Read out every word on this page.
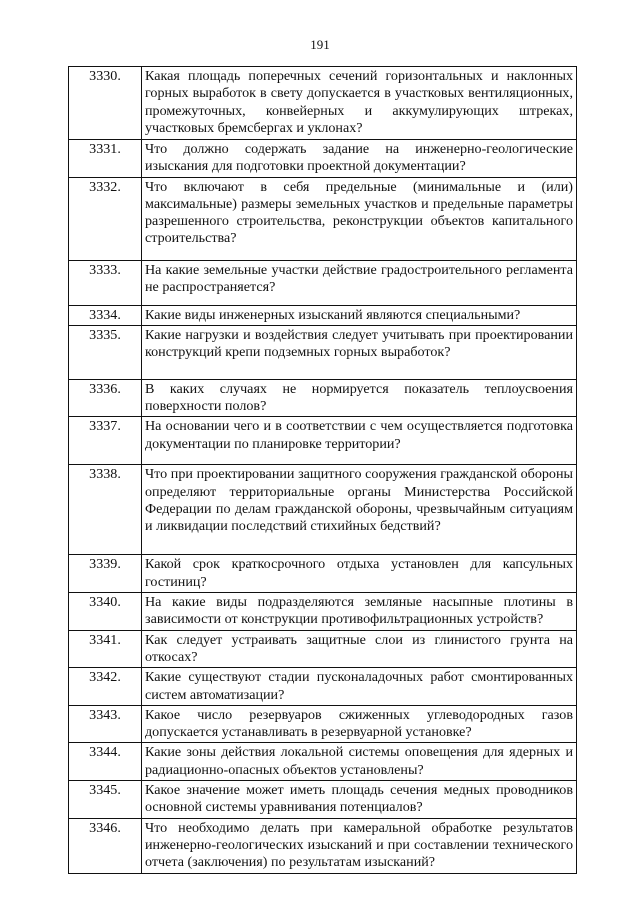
191
3330.	Какая площадь поперечных сечений горизонтальных и наклонных горных выработок в свету допускается в участковых вентиляционных, промежуточных, конвейерных и аккумулирующих штреках, участковых бремсбергах и уклонах?
3331.	Что должно содержать задание на инженерно-геологические изыскания для подготовки проектной документации?
3332.	Что включают в себя предельные (минимальные и (или) максимальные) размеры земельных участков и предельные параметры разрешенного строительства, реконструкции объектов капитального строительства?
3333.	На какие земельные участки действие градостроительного регламента не распространяется?
3334.	Какие виды инженерных изысканий являются специальными?
3335.	Какие нагрузки и воздействия следует учитывать при проектировании конструкций крепи подземных горных выработок?
3336.	В каких случаях не нормируется показатель теплоусвоения поверхности полов?
3337.	На основании чего и в соответствии с чем осуществляется подготовка документации по планировке территории?
3338.	Что при проектировании защитного сооружения гражданской обороны определяют территориальные органы Министерства Российской Федерации по делам гражданской обороны, чрезвычайным ситуациям и ликвидации последствий стихийных бедствий?
3339.	Какой срок краткосрочного отдыха установлен для капсульных гостиниц?
3340.	На какие виды подразделяются земляные насыпные плотины в зависимости от конструкции противофильтрационных устройств?
3341.	Как следует устраивать защитные слои из глинистого грунта на откосах?
3342.	Какие существуют стадии пусконаладочных работ смонтированных систем автоматизации?
3343.	Какое число резервуаров сжиженных углеводородных газов допускается устанавливать в резервуарной установке?
3344.	Какие зоны действия локальной системы оповещения для ядерных и радиационно-опасных объектов установлены?
3345.	Какое значение может иметь площадь сечения медных проводников основной системы уравнивания потенциалов?
3346.	Что необходимо делать при камеральной обработке результатов инженерно-геологических изысканий и при составлении технического отчета (заключения) по результатам изысканий?
